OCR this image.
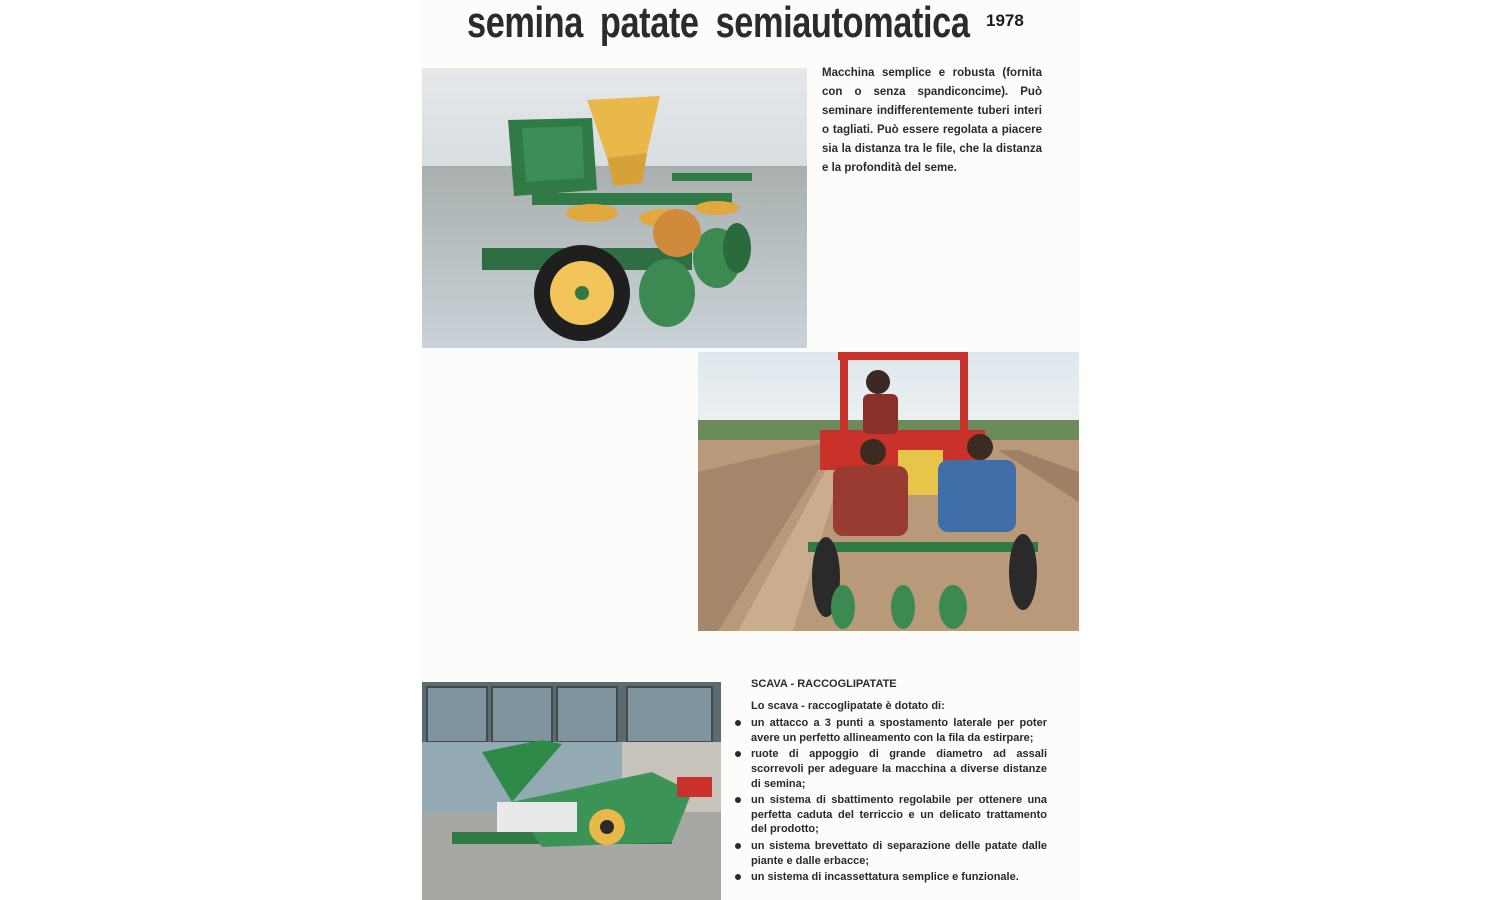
semina patate semiautomatica 1978
Macchina semplice e robusta (fornita con o senza spandiconcime). Può seminare indifferentemente tuberi interi o tagliati. Può essere regolata a piacere sia la distanza tra le file, che la distanza e la profondità del seme.
SCAVA - RACCOGLIPATATE
Lo scava - raccoglipatate è dotato di:
un attacco a 3 punti a spostamento laterale per poter avere un perfetto allineamento con la fila da estirpare;
ruote di appoggio di grande diametro ad assali scorrevoli per adeguare la macchina a diverse distanze di semina;
un sistema di sbattimento regolabile per ottenere una perfetta caduta del terriccio e un delicato trattamento del prodotto;
un sistema brevettato di separazione delle patate dalle piante e dalle erbacce;
un sistema di incassettatura semplice e funzionale.
